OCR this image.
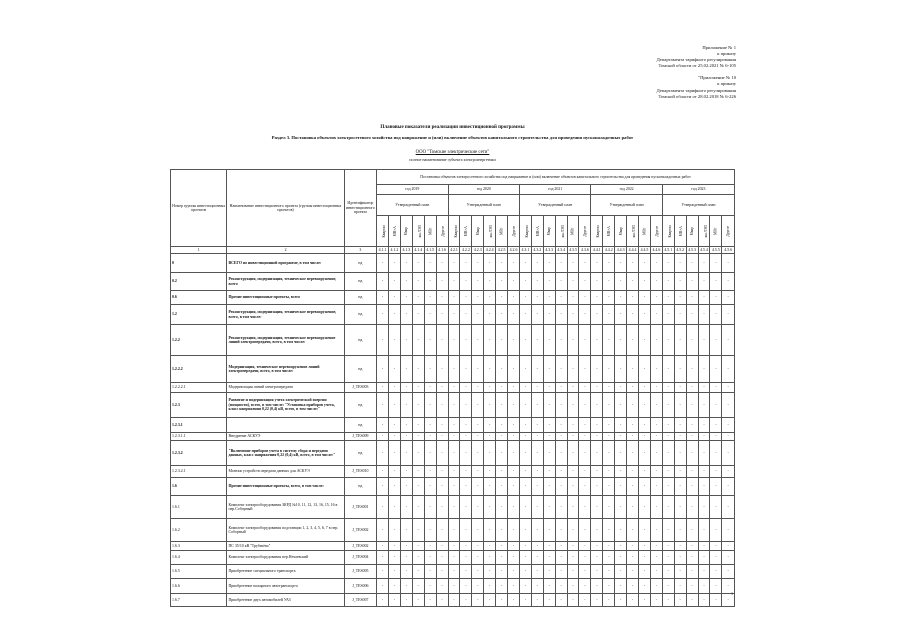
Приложение № 1
к приказу
Департамента тарифного регулирования
Томской области от 25.02.2021 № 6-105
"Приложение № 10
к приказу
Департамента тарифного регулирования
Томской области от 28.02.2018 № 6-226
Плановые показатели реализации инвестиционной программы
Раздел 3. Постановка объектов электросетевого хозяйства под напряжение и (или) включение объектов капитального строительства для проведения пусконаладочных работ
ООО "Томские электрические сети"
полное наименование субъекта электроэнергетики
Номер группы инвестиционных проектов	Наименование инвестиционного проекта (группы инвестиционных проектов)	Идентификатор инвестиционного проекта	Постановка объектов электросетевого хозяйства под напряжение и (или) включение объектов капитального строительства для проведения пусконаладочных работ																													
			год 2019						год 2020						год 2021						год 2022						год 2023					
			Утвержденный план						Утвержденный план						Утвержденный план						Утвержденный план						Утвержденный план					
			Квартал	МВ×А	Мвар	км ЛЭП	МВт	Другое	Квартал	МВ×А	Мвар	км ЛЭП	МВт	Другое	Квартал	МВ×А	Мвар	км ЛЭП	МВт	Другое	Квартал	МВ×А	Мвар	км ЛЭП	МВт	Другое	Квартал	МВ×А	Мвар	км ЛЭП	МВт	Другое
1	2	3	4.1.1	4.1.2	4.1.3	4.1.4	4.1.5	4.1.6	4.2.1	4.2.2	4.2.3	4.2.4	4.2.5	4.2.6	4.3.1	4.3.2	4.3.3	4.3.4	4.3.5	4.3.6	4.4.1	4.4.2	4.4.3	4.4.4	4.4.5	4.4.6	4.5.1	4.5.2	4.5.3	4.5.4	4.5.5	4.5.6
0	ВСЕГО по инвестиционной программе, в том числе:	нд	-	-	-	-	-	-	-	-	-	-	-	-	-	-	-	-	-	-	-	-	-	-	-	-	-	-	-	-	-	-
0.2	Реконструкция, модернизация, техническое перевооружение, всего	нд	-	-	-	-	-	-	-	-	-	-	-	-	-	-	-	-	-	-	-	-	-	-	-	-	-	-	-	-	-	-
0.6	Прочие инвестиционные проекты, всего	нд	-	-	-	-	-	-	-	-	-	-	-	-	-	-	-	-	-	-	-	-	-	-	-	-	-	-	-	-	-	-
1.2	Реконструкция, модернизация, техническое перевооружение, всего, в том числе:	нд	-	-	-	-	-	-	-	-	-	-	-	-	-	-	-	-	-	-	-	-	-	-	-	-	-	-	-	-	-	-
1.2.2	Реконструкция, модернизация, техническое перевооружение линий электропередачи, всего, в том числе:	нд	-	-	-	-	-	-	-	-	-	-	-	-	-	-	-	-	-	-	-	-	-	-	-	-	-	-	-	-	-	-
1.2.2.2	Модернизация, техническое перевооружение линий электропередачи, всего, в том числе:	нд	-	-	-	-	-	-	-	-	-	-	-	-	-	-	-	-	-	-	-	-	-	-	-	-	-	-	-	-	-	-
1.2.2.2.1	Модернизация линий электропередачи	J_TES003	-	-	-	-	-	-	-	-	-	-	-	-	-	-	-	-	-	-	-	-	-	-	-	-	-	-	-	-	-	-
1.2.3	Развитие и модернизация учета электрической энергии (мощности), всего, в том числе: "Установка приборов учета, класс напряжения 0,22 (0,4) кВ, всего, в том числе:"	нд	-	-	-	-	-	-	-	-	-	-	-	-	-	-	-	-	-	-	-	-	-	-	-	-	-	-	-	-	-	-
1.2.3.1		нд	-	-	-	-	-	-	-	-	-	-	-	-	-	-	-	-	-	-	-	-	-	-	-	-	-	-	-	-	-	-
1.2.3.1.1	Внедрение АСКУЭ	J_TES009	-	-	-	-	-	-	-	-	-	-	-	-	-	-	-	-	-	-	-	-	-	-	-	-	-	-	-	-	-	-
1.2.3.2	"Включение приборов учета в систему сбора и передачи данных, класс напряжения 0,22 (0,4) кВ, всего, в том числе:"	нд	-	-	-	-	-	-	-	-	-	-	-	-	-	-	-	-	-	-	-	-	-	-	-	-	-	-	-	-	-	-
1.2.3.2.1	Монтаж устройств передачи данных для АСКУЭ	J_TES010	-	-	-	-	-	-	-	-	-	-	-	-	-	-	-	-	-	-	-	-	-	-	-	-	-	-	-	-	-	-
1.6	Прочие инвестиционные проекты, всего, в том числе:	нд	-	-	-	-	-	-	-	-	-	-	-	-	-	-	-	-	-	-	-	-	-	-	-	-	-	-	-	-	-	-
1.6.1	Комплект электрооборудования ЗКРД №10, 11, 12, 13, 16, 15, 16 в пер.Соборный	J_TES001	-	-	-	-	-	-	-	-	-	-	-	-	-	-	-	-	-	-	-	-	-	-	-	-	-	-	-	-	-	-
1.6.2	Комплект электрооборудования подстанции 1, 2, 3, 4, 5, 6, 7 в пер. Соборный	J_TES002	-	-	-	-	-	-	-	-	-	-	-	-	-	-	-	-	-	-	-	-	-	-	-	-	-	-	-	-	-	-
1.6.3	ПС 35/10 кВ "Трубачёво"	J_TES002	-	-	-	-	-	-	-	-	-	-	-	-	-	-	-	-	-	-	-	-	-	-	-	-	-	-	-	-	-	-
1.6.4	Комплект электрооборудования пер.Нечаевский	J_TES004	-	-	-	-	-	-	-	-	-	-	-	-	-	-	-	-	-	-	-	-	-	-	-	-	-	-	-	-	-	-
1.6.5	Приобретение специального транспорта	J_TES005	-	-	-	-	-	-	-	-	-	-	-	-	-	-	-	-	-	-	-	-	-	-	-	-	-	-	-	-	-	-
1.6.6	Приобретение пожарного автотранспорта	J_TES006	-	-	-	-	-	-	-	-	-	-	-	-	-	-	-	-	-	-	-	-	-	-	-	-	-	-	-	-	-	-
1.6.7	Приобретение двух автомобилей УАЗ	J_TES007	-	-	-	-	-	-	-	-	-	-	-	-	-	-	-	-	-	-	-	-	-	-	-	-	-	-	-	-	-	-
1
